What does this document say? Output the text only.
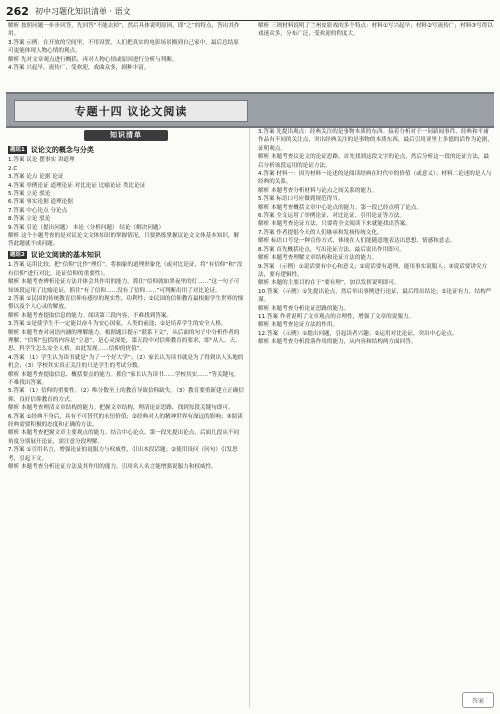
262 初中习题化知识清单 · 语文

解析 按照问题一步步回答，先回答“不能去掉”，然后具体说明原因，即“之”的特点，答出其作用。

3.答案 示例：在开放的空间里，不用设置，人们把真实的电影场景搬到自己家中，最后总结原可更能体现人物心情的观点。

解析 先对文章观点进行概括，再对人物心情或原因进行分析与判断。

4.答案 兴起早，流传广，受欢迎，戏曲众多，剧种丰富。

解析 三则材料说明了兰州皮影戏的多个特点：材料①写兴起早；材料②写流传广；材料③写得以戏迷众多，分布广泛，受欢迎的程度大。

专题十四 议论文阅读
知识清单
题组1 议论文的概念与分类

1.答案 议论 摆事实 讲道理

2.C

3.答案 论点 论据 论证

4.答案 举例论证 道理论证 对比论证 比喻论证 类比论证

5.答案 立论 驳论

6.答案 事实论据 道理论据

7.答案 中心论点 分论点

8.答案 立论 驳论

9.答案 引论（提出问题） 本论（分析问题） 结论（解决问题）

解析 这个小题考查的是对议论文文体知识的掌握情况。只要熟练掌握议论文文体基本知识，解答此题就不成问题。

题组2 议论文阅读的基本知识

1.答案 运用比较，把“信仰”比作“理灯”，将抽象的道理形象化（或对比论证，将“有信仰”和“没有信仰”进行对比，论证信仰的重要性）。

解析 本题考查辨析论证方法并体会其作用的能力。抓住“信仰就如黑夜里的灯……”这一句子可知该段运用了比喻论证，抓住“有了信仰……没有了信仰……”可判断出用了对比论证。

2.答案 ①民国的传统教育信仰有感厚的现实性，功利性；②民国的信仰教育最根据学生世界的憧憬以及个人心灵的解放。

解析 本题考查提取信息的能力。阅读第三段内容，不难找到答案。

3.答案 ①是使学生不一定能以奋斗为安心国家，人类的前途；②是培养学生的安全人格。

解析 本题考查对词语内涵的理解能力。根据题目提示“联系下文”，从后面的句子中分析作者的理解，“信仰”包括的内容是“立意”，是心灵深处，第五段中对信仰教育的要求，即“从人、天、思、科学生怎么安全人格，由此发现……信仰的价值”。

4.答案 （1）学生认为读书就是“为了一个好大学”；（2）家长认为读书就是为了得到出人头地的机会；（3）学校其实真正关注的只是学生的考试分数。

解析 本题考查提取信息、概括要点的能力。抓住“家长认为读书……学校其实……”等关键句，不难找出答案。

5.答案 （1）信仰的重要性。（2）唯分数至上的教育导致信仰缺失。（3）教育要重新建立正确信仰，良好信仰教育的方式。

解析 本题考查理清文章结构的能力。把握文章结构，理清论证思路，找到每段关键句即可。

6.答案 ①经典不身后，具有不可替代的永恒价值；②经典对人的精神世界有深远的影响；③阅读经典需要积极的态度和正确的方法。

解析 本题考查把握文章主要观点的能力。结合中心论点，第一段先提出论点，后面几段从不同角度分别展开论证，需注意分段理解。

7.答案 ①引用名言，增强论证的说服力与权威性，引出本段话题；②使用设问（问句）引发思考，引起下文。

解析 本题考查分析论证方法及其作用的能力。引用名人名言能增强说服力和权威性。

3.答案 先提出观点：经典关注的是事物本质的东西。接着分析对于一同新闻事件，经典和平庸作品有不同的关注点，突出经典关注的是事物的本质东西，最后引用亚里士多德的话作为论据，证明观点。

解析 本题考查议论文的论证思路。首先找到这段文字的论点，然后分析这一段的论证方法，最后分析该段运用的论证方法。

4.答案 材料一：因为材料一论述的是阅读经典在时代中的价值（或意义）；材料二论述的是人与经典的关系。

解析 本题考查分析材料与论点之间关系的能力。

5.答案 标语口号应做到规范得当。

解析 本题考查概括文章中心论点的能力。第一段已经点明了论点。

6.答案 全文运用了举例论证、对比论证、引用论证等方法。

解析 本题考查论证方法。只要将全文阅读下来就能找出答案。

7.答案 作者提倡今天的人们继承和发扬传统文化。

解析 标语口号是一种宣传方式，体现在人们能随意地表达出思想、情感和意志。

8.答案 首先概括论点，写出论证方法，最后说出作用即可。

解析 本题考查理解文章结构和论证方法的能力。

9.答案 （示例）①说话要有中心和意义；②说话要有道理，能用事实说服人；③说话要讲究方法，要有逻辑性。

解析 本题的主要目的在于“要有理”，加以发挥说明即可。

10.答案 （示例）①先提出论点，然后举出事例进行论证，最后得出结论；②论证有力，结构严谨。

解析 本题考查分析论证思路的能力。

11.答案 作者说明了文章观点的合理性，增强了文章的说服力。

解析 本题考查论证方法的作用。

12.答案 （示例）①提出问题，引起读者兴趣；②运用对比论证，突出中心论点。

解析 本题考查分析段落作用的能力，从内容和结构两方面回答。

答案
